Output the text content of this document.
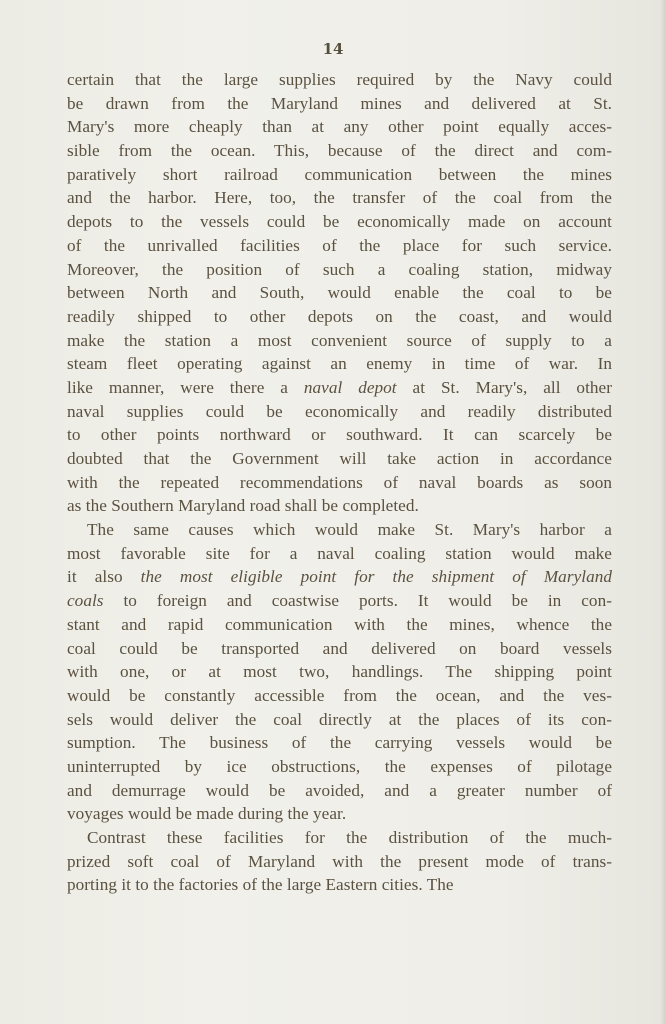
14
certain that the large supplies required by the Navy could
be drawn from the Maryland mines and delivered at St.
Mary's more cheaply than at any other point equally acces-
sible from the ocean. This, because of the direct and com-
paratively short railroad communication between the mines
and the harbor. Here, too, the transfer of the coal from the
depots to the vessels could be economically made on account
of the unrivalled facilities of the place for such service.
Moreover, the position of such a coaling station, midway
between North and South, would enable the coal to be
readily shipped to other depots on the coast, and would
make the station a most convenient source of supply to a
steam fleet operating against an enemy in time of war. In
like manner, were there a naval depot at St. Mary's, all other
naval supplies could be economically and readily distributed
to other points northward or southward. It can scarcely be
doubted that the Government will take action in accordance
with the repeated recommendations of naval boards as soon
as the Southern Maryland road shall be completed.
The same causes which would make St. Mary's harbor a
most favorable site for a naval coaling station would make
it also the most eligible point for the shipment of Maryland
coals to foreign and coastwise ports. It would be in con-
stant and rapid communication with the mines, whence the
coal could be transported and delivered on board vessels
with one, or at most two, handlings. The shipping point
would be constantly accessible from the ocean, and the ves-
sels would deliver the coal directly at the places of its con-
sumption. The business of the carrying vessels would be
uninterrupted by ice obstructions, the expenses of pilotage
and demurrage would be avoided, and a greater number of
voyages would be made during the year.
Contrast these facilities for the distribution of the much-
prized soft coal of Maryland with the present mode of trans-
porting it to the factories of the large Eastern cities. The
